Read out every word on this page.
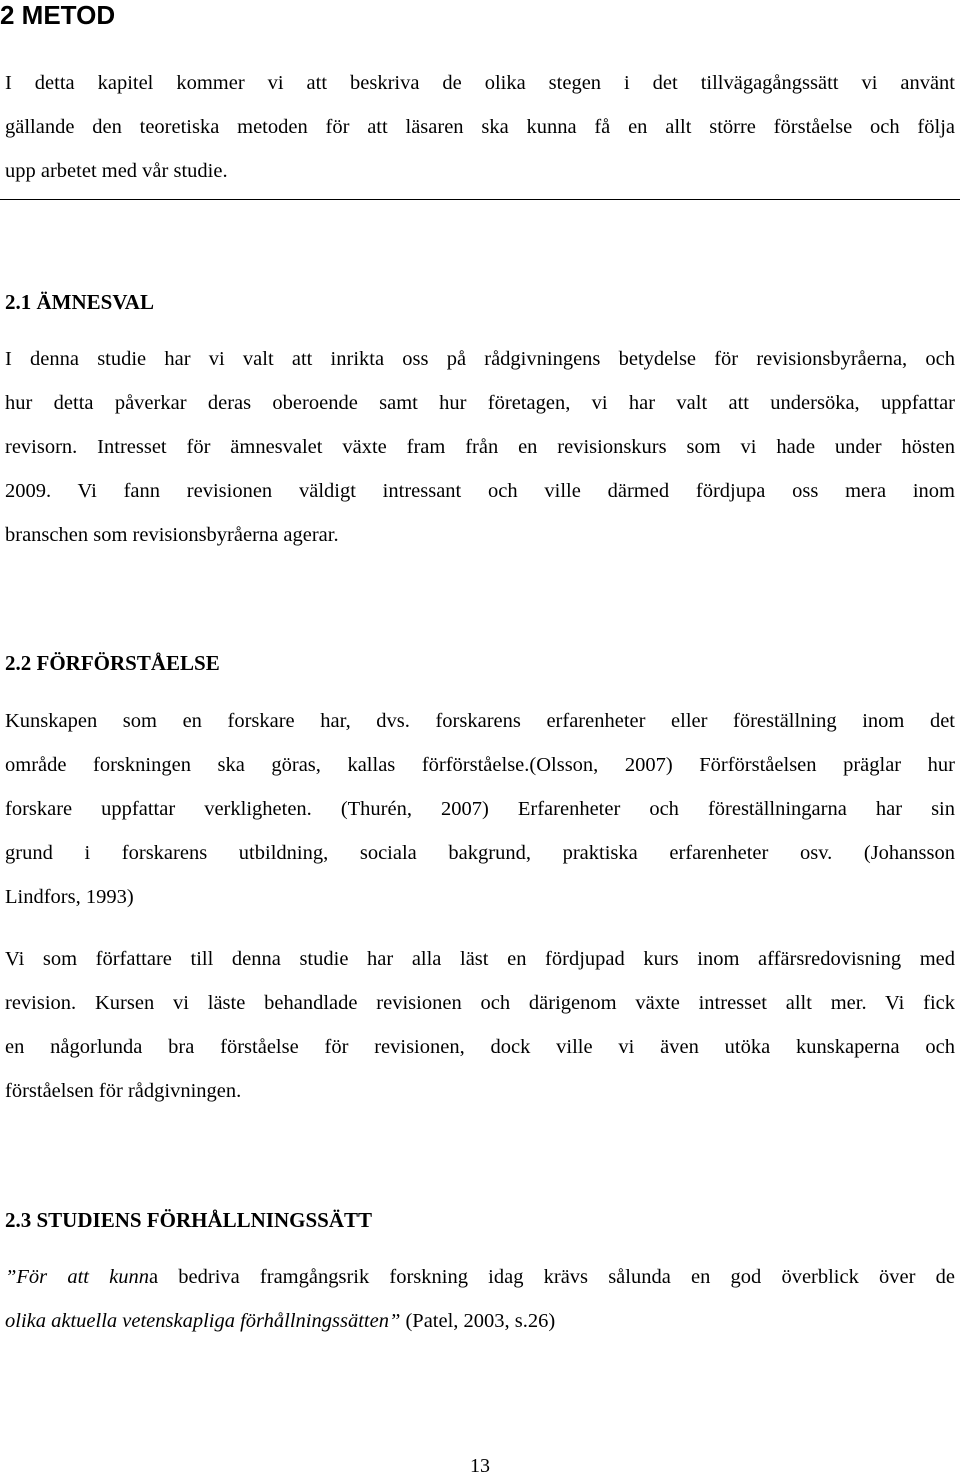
2 METOD

I detta kapitel kommer vi att beskriva de olika stegen i det tillvägagångssätt vi använt
gällande den teoretiska metoden för att läsaren ska kunna få en allt större förståelse och följa
upp arbetet med vår studie.

2.1 ÄMNESVAL

I denna studie har vi valt att inrikta oss på rådgivningens betydelse för revisionsbyråerna, och
hur detta påverkar deras oberoende samt hur företagen, vi har valt att undersöka, uppfattar
revisorn. Intresset för ämnesvalet växte fram från en revisionskurs som vi hade under hösten
2009. Vi fann revisionen väldigt intressant och ville därmed fördjupa oss mera inom
branschen som revisionsbyråerna agerar.

2.2 FÖRFÖRSTÅELSE

Kunskapen som en forskare har, dvs. forskarens erfarenheter eller föreställning inom det
område forskningen ska göras, kallas förförståelse.(Olsson, 2007) Förförståelsen präglar hur
forskare uppfattar verkligheten. (Thurén, 2007) Erfarenheter och föreställningarna har sin
grund i forskarens utbildning, sociala bakgrund, praktiska erfarenheter osv. (Johansson
Lindfors, 1993)

Vi som författare till denna studie har alla läst en fördjupad kurs inom affärsredovisning med
revision. Kursen vi läste behandlade revisionen och därigenom växte intresset allt mer. Vi fick
en någorlunda bra förståelse för revisionen, dock ville vi även utöka kunskaperna och
förståelsen för rådgivningen.

2.3 STUDIENS FÖRHÅLLNINGSSÄTT

”För att kunna bedriva framgångsrik forskning idag krävs sålunda en god överblick över de
olika aktuella vetenskapliga förhållningssätten” (Patel, 2003, s.26)

13
